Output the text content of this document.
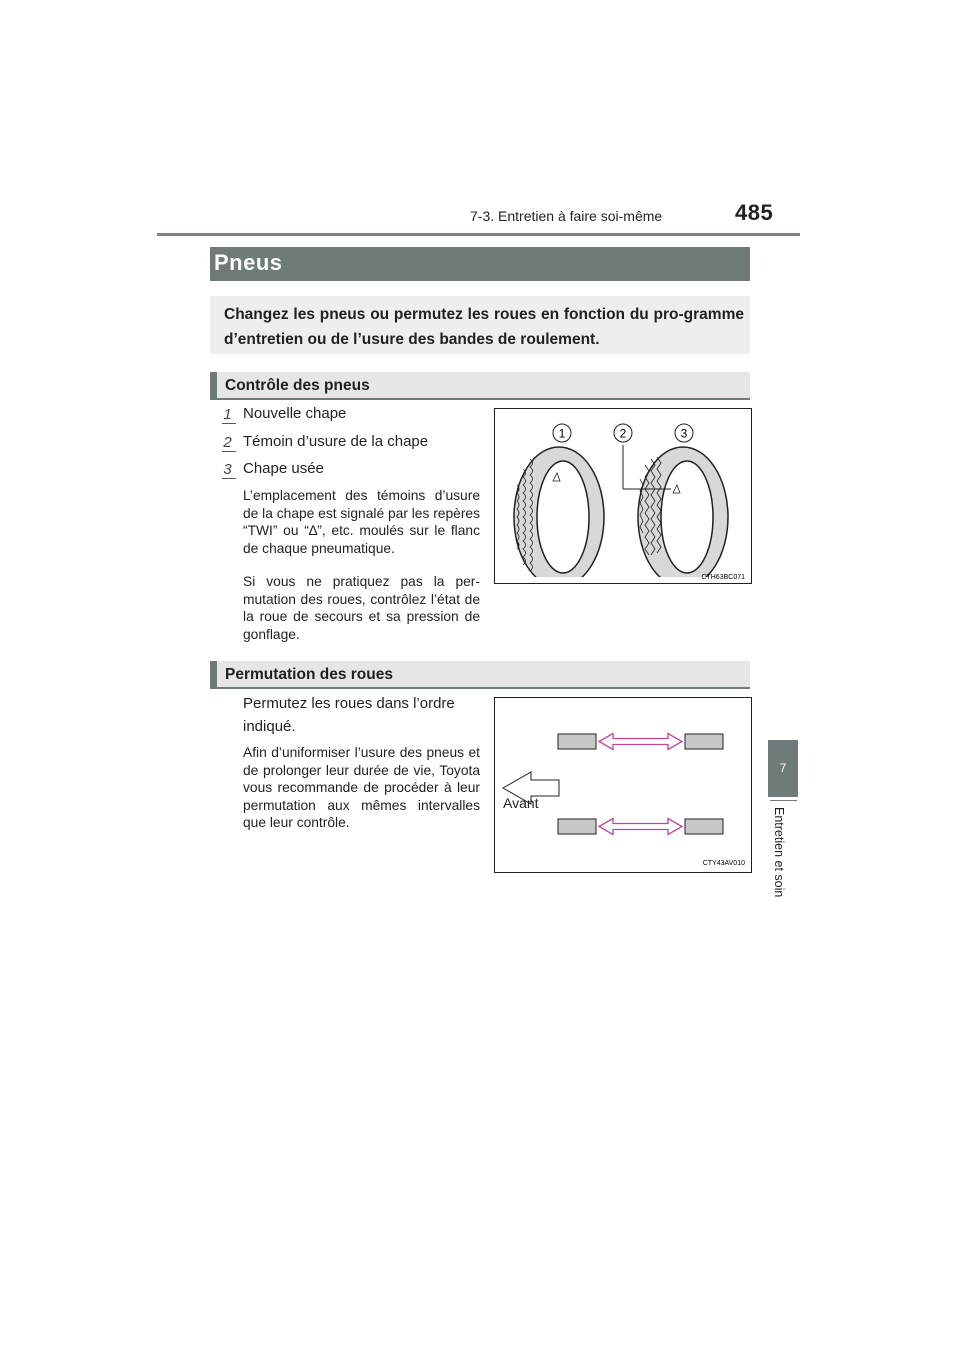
7-3. Entretien à faire soi-même	485
Pneus
Changez les pneus ou permutez les roues en fonction du pro-gramme d’entretien ou de l’usure des bandes de roulement.
Contrôle des pneus
1 Nouvelle chape
2 Témoin d’usure de la chape
3 Chape usée
L’emplacement des témoins d’usure de la chape est signalé par les repères “TWI” ou “∆”, etc. moulés sur le flanc de chaque pneumatique.
Si vous ne pratiquez pas la per-mutation des roues, contrôlez l’état de la roue de secours et sa pression de gonflage.
1	2	3
CTH63BC071
Permutation des roues
Permutez les roues dans l’ordre indiqué.
Afin d’uniformiser l’usure des pneus et de prolonger leur durée de vie, Toyota vous recommande de procéder à leur permutation aux mêmes intervalles que leur contrôle.
Avant
CTY43AV010
7
Entretien et soin
